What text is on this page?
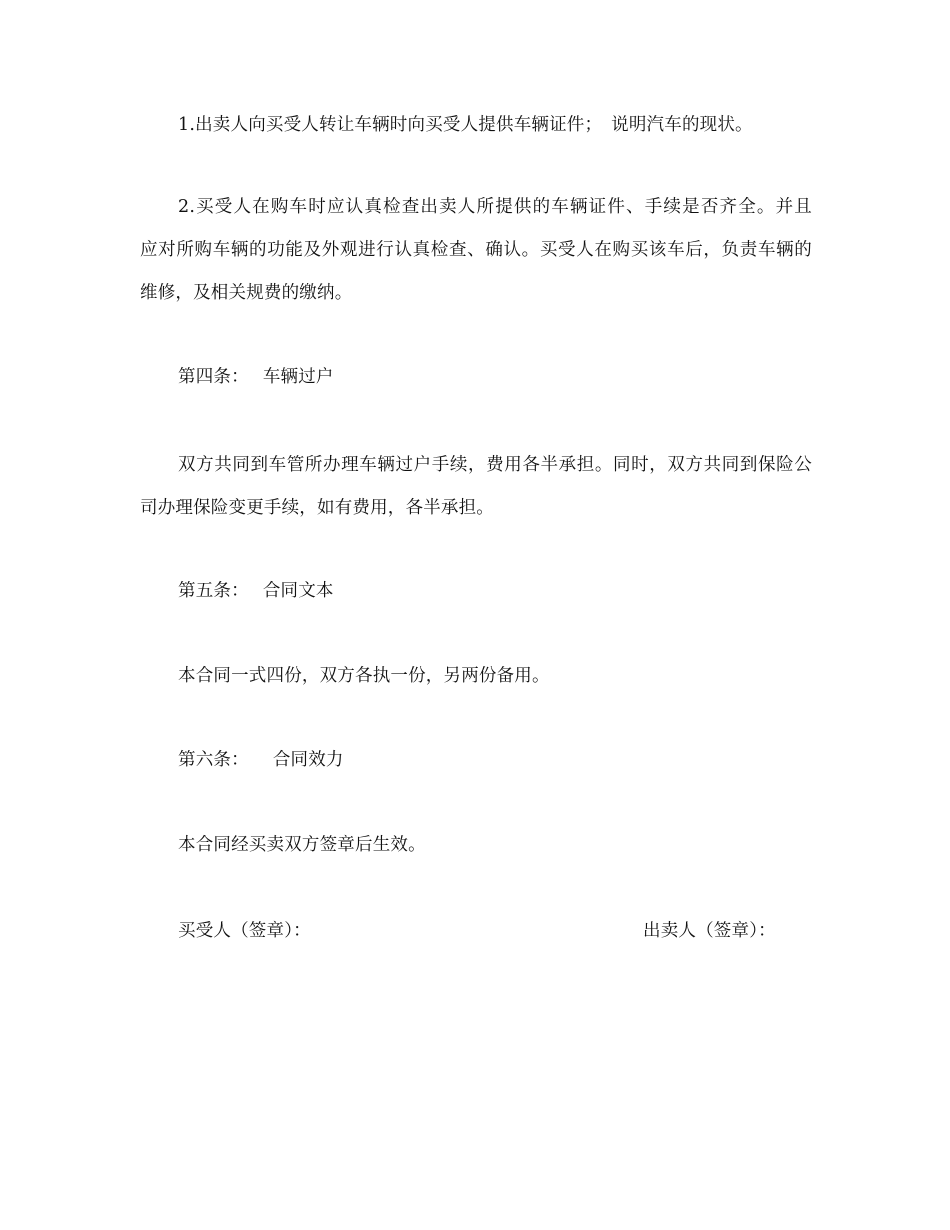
1.出卖人向买受人转让车辆时向买受人提供车辆证件；　说明汽车的现状。
2.买受人在购车时应认真检查出卖人所提供的车辆证件、手续是否齐全。并且
应对所购车辆的功能及外观进行认真检查、确认。买受人在购买该车后，负责车辆的
维修，及相关规费的缴纳。
第四条： 车辆过户
双方共同到车管所办理车辆过户手续，费用各半承担。同时，双方共同到保险公
司办理保险变更手续，如有费用，各半承担。
第五条： 合同文本
本合同一式四份，双方各执一份，另两份备用。
第六条： 合同效力
本合同经买卖双方签章后生效。
买受人（签章）：	出卖人（签章）：
